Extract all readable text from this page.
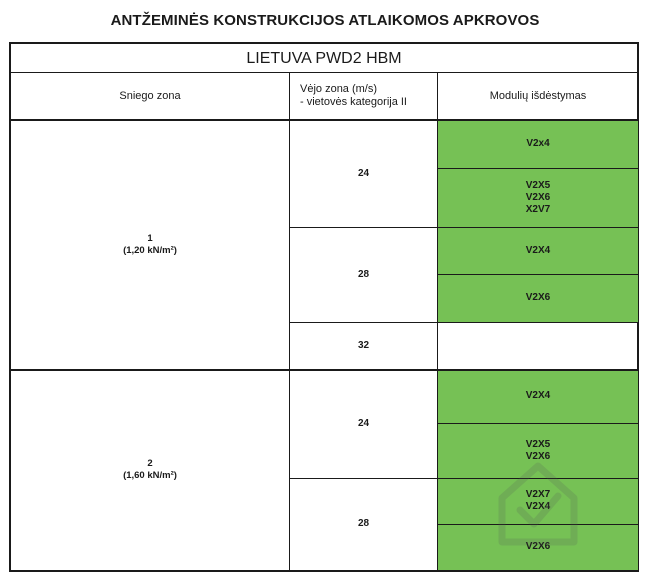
ANTŽEMINĖS KONSTRUKCIJOS ATLAIKOMOS APKROVOS
V2x4
V2X5
V2X6
X2V7
V2X4
V2X6
V2X4
V2X5
V2X6
V2X7
V2X4
V2X6
LIETUVA PWD2 HBM
Sniego zona
Vėjo zona (m/s)
- vietovės kategorija II
Modulių išdėstymas
1
(1,20 kN/m²)
2
(1,60 kN/m²)
24
28
32
24
28
